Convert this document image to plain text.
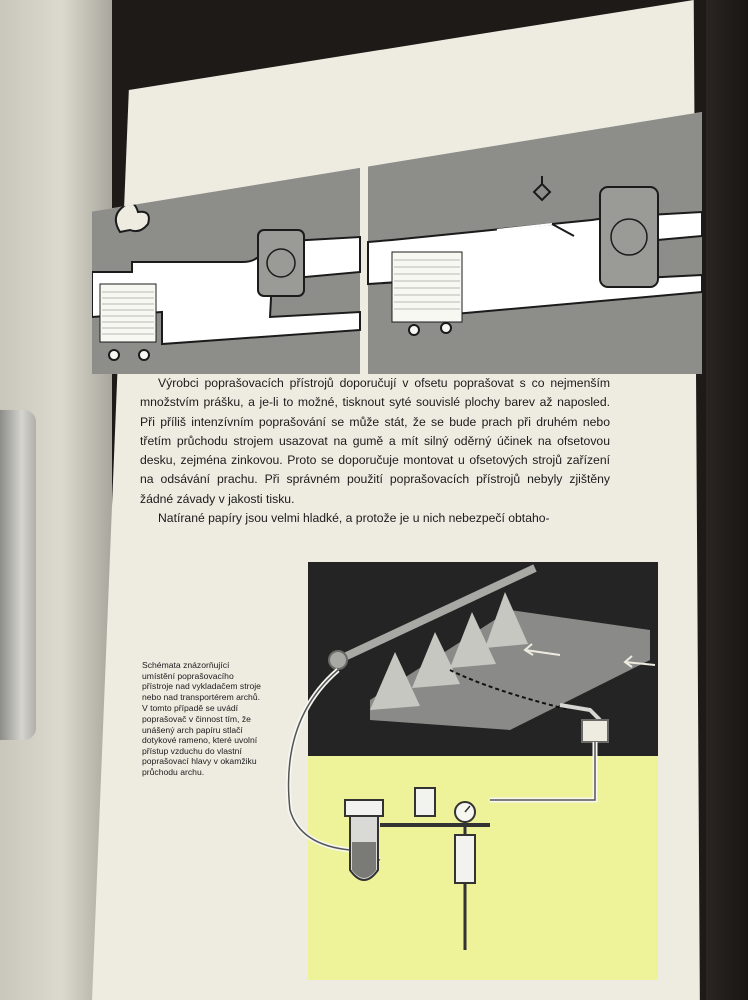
Výrobci poprašovacích přístrojů doporučují v ofsetu poprašovat s co nejmenším množstvím prášku, a je-li to možné, tisknout syté souvislé plochy barev až naposled. Při příliš intenzívním poprašování se může stát, že se bude prach při druhém nebo třetím průchodu strojem usazovat na gumě a mít silný oděrný účinek na ofsetovou desku, zejména zinkovou. Proto se doporučuje montovat u ofsetových strojů zařízení na odsávání prachu. Při správném použití poprašovacích přístrojů nebyly zjištěny žádné závady v jakosti tisku.

Natírané papíry jsou velmi hladké, a protože je u nich nebezpečí obtaho-

Schémata znázorňující umístění poprašovacího přístroje nad vykladačem stroje nebo nad transportérem archů.

V tomto případě se uvádí poprašovač v činnost tím, že unášený arch papíru stlačí dotykové rameno, které uvolní přístup vzduchu do vlastní poprašovací hlavy v okamžiku průchodu archu.
